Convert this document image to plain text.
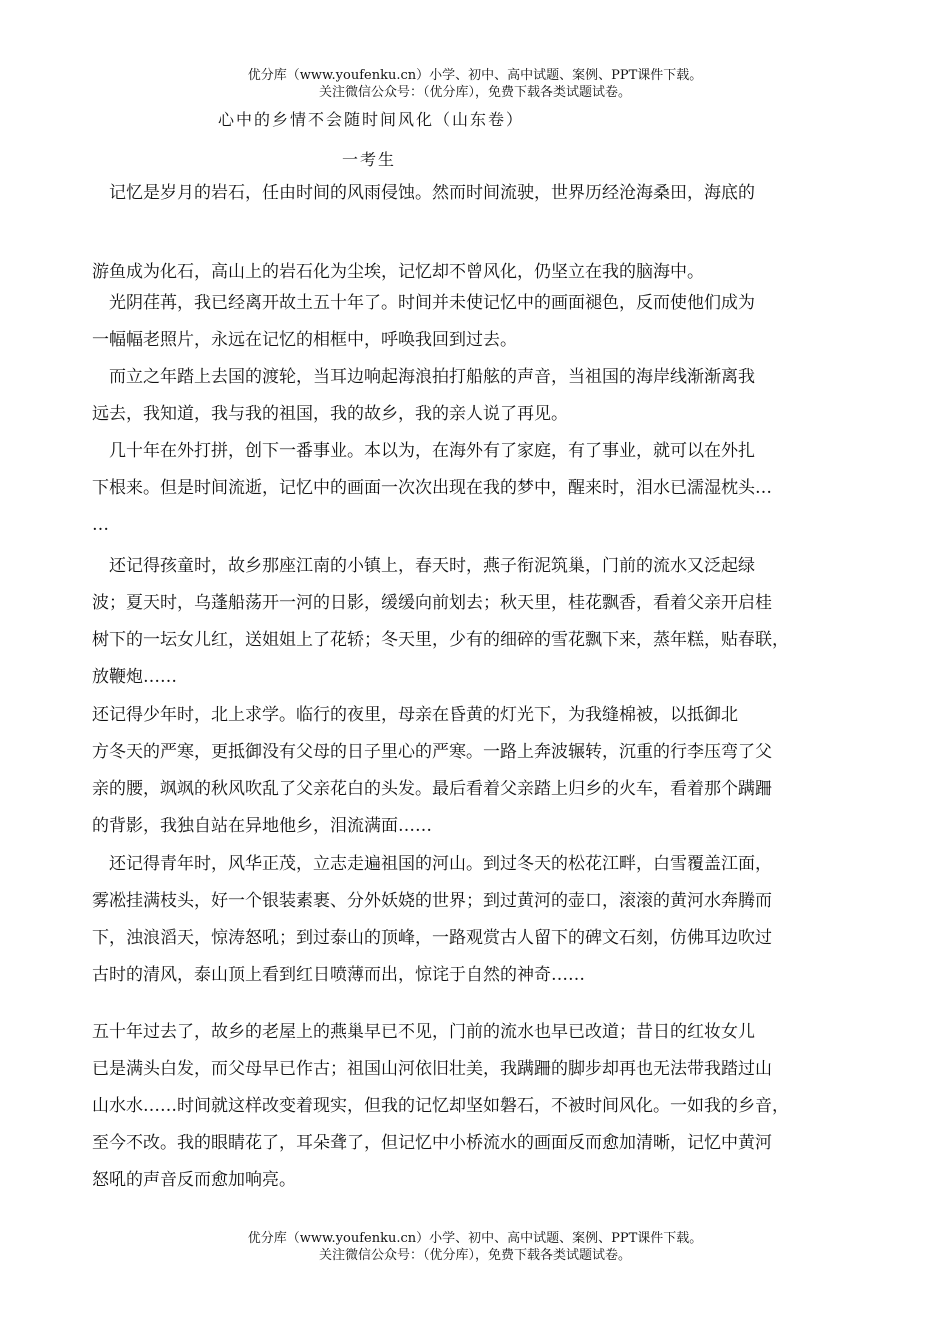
优分库（www.youfenku.cn）小学、初中、高中试题、案例、PPT课件下载。
关注微信公众号：（优分库），免费下载各类试题试卷。
心中的乡情不会随时间风化（山东卷）
一考生
　记忆是岁月的岩石，任由时间的风雨侵蚀。然而时间流驶，世界历经沧海桑田，海底的
游鱼成为化石，高山上的岩石化为尘埃，记忆却不曾风化，仍坚立在我的脑海中。
　光阴荏苒，我已经离开故土五十年了。时间并未使记忆中的画面褪色，反而使他们成为
一幅幅老照片，永远在记忆的相框中，呼唤我回到过去。
　而立之年踏上去国的渡轮，当耳边响起海浪拍打船舷的声音，当祖国的海岸线渐渐离我
远去，我知道，我与我的祖国，我的故乡，我的亲人说了再见。
　几十年在外打拼，创下一番事业。本以为，在海外有了家庭，有了事业，就可以在外扎
下根来。但是时间流逝，记忆中的画面一次次出现在我的梦中，醒来时，泪水已濡湿枕头…
…
　还记得孩童时，故乡那座江南的小镇上，春天时，燕子衔泥筑巢，门前的流水又泛起绿
波；夏天时，乌蓬船荡开一河的日影，缓缓向前划去；秋天里，桂花飘香，看着父亲开启桂
树下的一坛女儿红，送姐姐上了花轿；冬天里，少有的细碎的雪花飘下来，蒸年糕，贴春联，
放鞭炮……
还记得少年时，北上求学。临行的夜里，母亲在昏黄的灯光下，为我缝棉被，以抵御北
方冬天的严寒，更抵御没有父母的日子里心的严寒。一路上奔波辗转，沉重的行李压弯了父
亲的腰，飒飒的秋风吹乱了父亲花白的头发。最后看着父亲踏上归乡的火车，看着那个蹒跚
的背影，我独自站在异地他乡，泪流满面……
　还记得青年时，风华正茂，立志走遍祖国的河山。到过冬天的松花江畔，白雪覆盖江面，
雾凇挂满枝头，好一个银装素裹、分外妖娆的世界；到过黄河的壶口，滚滚的黄河水奔腾而
下，浊浪滔天，惊涛怒吼；到过泰山的顶峰，一路观赏古人留下的碑文石刻，仿佛耳边吹过
古时的清风，泰山顶上看到红日喷薄而出，惊诧于自然的神奇……
五十年过去了，故乡的老屋上的燕巢早已不见，门前的流水也早已改道；昔日的红妆女儿
已是满头白发，而父母早已作古；祖国山河依旧壮美，我蹒跚的脚步却再也无法带我踏过山
山水水……时间就这样改变着现实，但我的记忆却坚如磐石，不被时间风化。一如我的乡音，
至今不改。我的眼睛花了，耳朵聋了，但记忆中小桥流水的画面反而愈加清晰，记忆中黄河
怒吼的声音反而愈加响亮。
优分库（www.youfenku.cn）小学、初中、高中试题、案例、PPT课件下载。
关注微信公众号：（优分库），免费下载各类试题试卷。
